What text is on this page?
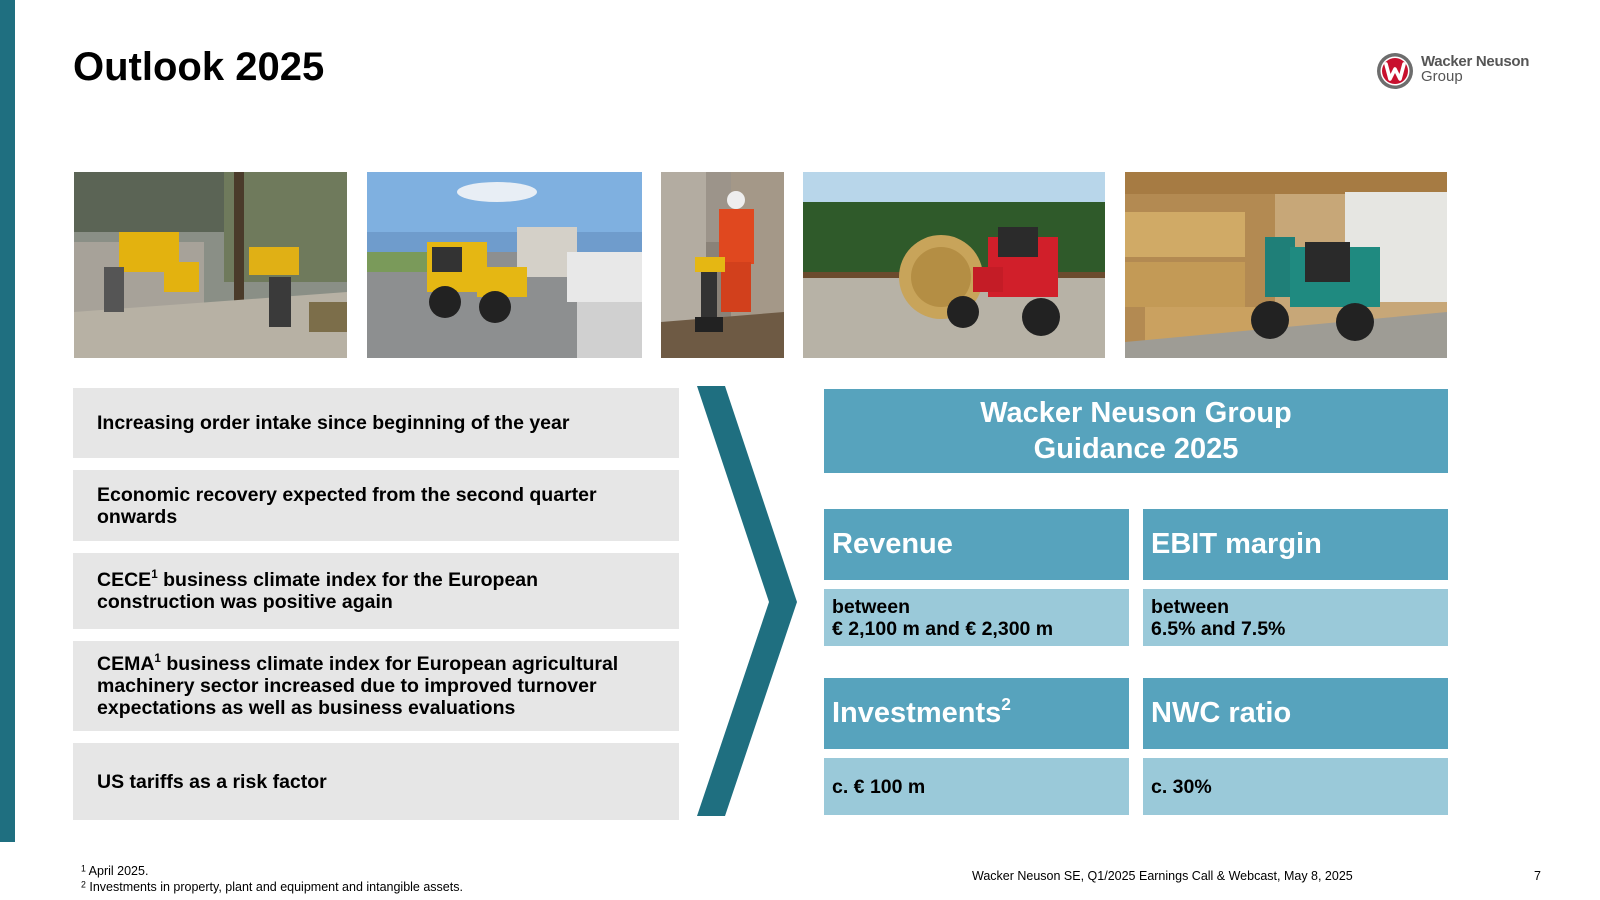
Outlook 2025	Wacker Neuson
Group
Increasing order intake since beginning of the year
Economic recovery expected from the second quarter onwards
CECE$^1$ business climate index for the European construction was positive again
CEMA$^1$ business climate index for European agricultural machinery sector increased due to improved turnover expectations as well as business evaluations
US tariffs as a risk factor
Wacker Neuson Group
Guidance 2025
Revenue
between
€ 2,100 m and € 2,300 m
EBIT margin
between
6.5% and 7.5%
Investments$^2$
c. € 100 m
NWC ratio
c. 30%
$^1$ April 2025.
$^2$ Investments in property, plant and equipment and intangible assets.
Wacker Neuson SE, Q1/2025 Earnings Call & Webcast, May 8, 2025	7
